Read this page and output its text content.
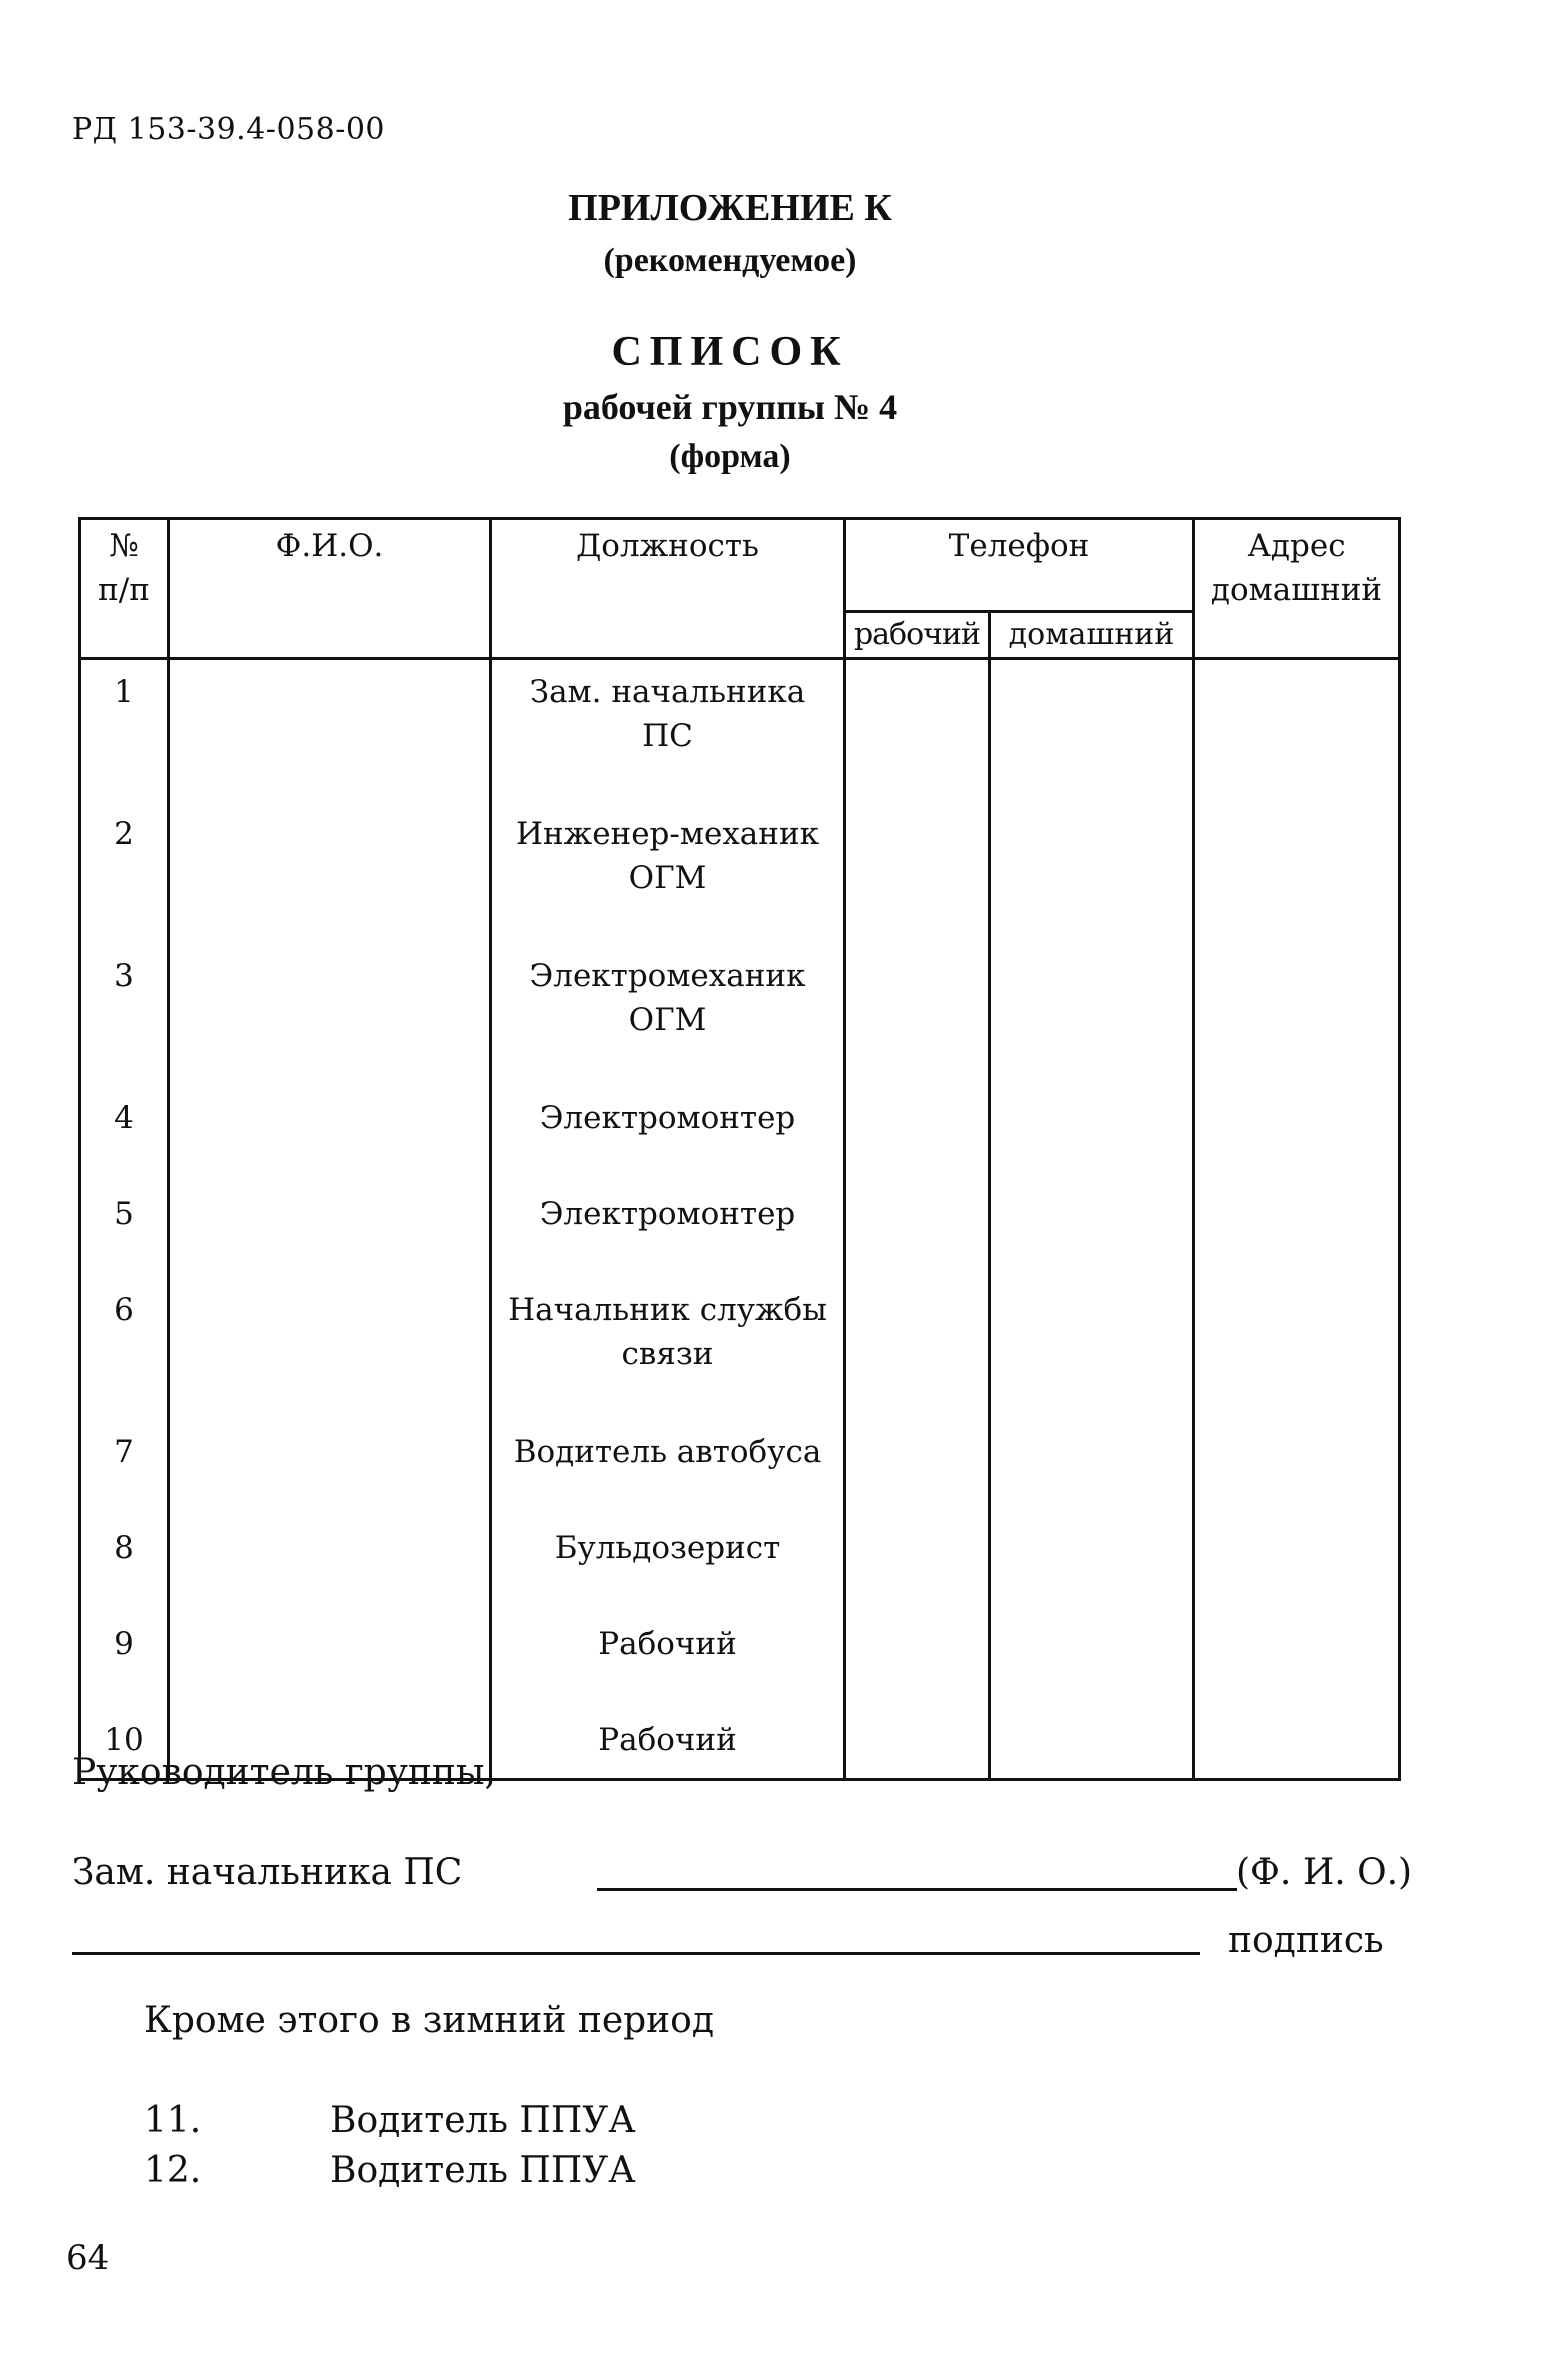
РД 153-39.4-058-00
ПРИЛОЖЕНИЕ К
(рекомендуемое)
СПИСОК
рабочей группы № 4
(форма)
№
п/п	Ф.И.О.	Должность	Телефон		Адрес
домашний
			рабочий	домашний	
1		Зам. начальника
ПС			
2		Инженер-механик
ОГМ			
3		Электромеханик
ОГМ			
4		Электромонтер			
5		Электромонтер			
6		Начальник службы
связи			
7		Водитель автобуса			
8		Бульдозерист			
9		Рабочий			
10		Рабочий			
Руководитель группы,
Зам. начальника ПС	(Ф. И. О.)
подпись
Кроме этого в зимний период
11.	Водитель ППУА
12.	Водитель ППУА
64
